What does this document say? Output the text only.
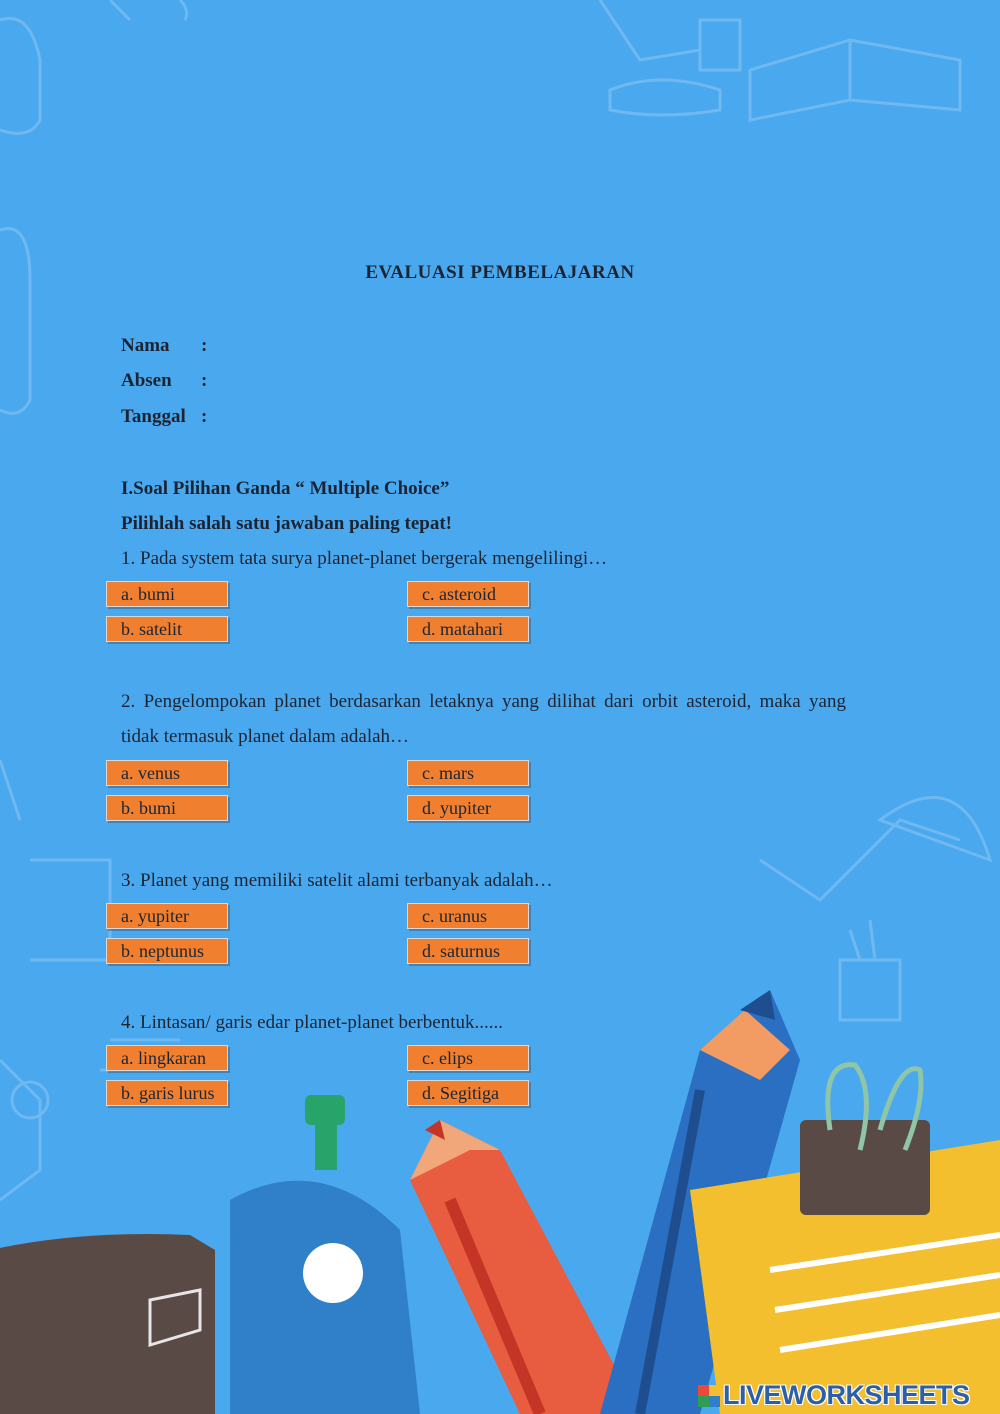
EVALUASI PEMBELAJARAN
Nama :
Absen :
Tanggal :
I.Soal Pilihan Ganda “ Multiple Choice”
Pilihlah salah satu jawaban paling tepat!
1. Pada system tata surya planet-planet bergerak mengelilingi…
a. bumi	c. asteroid
b. satelit	d. matahari
2. Pengelompokan planet berdasarkan letaknya yang dilihat dari orbit asteroid, maka yang tidak termasuk planet dalam adalah…
a. venus	c. mars
b. bumi	d. yupiter
3. Planet yang memiliki satelit alami terbanyak adalah…
a. yupiter	c. uranus
b. neptunus	d. saturnus
4. Lintasan/ garis edar planet-planet berbentuk......
a. lingkaran	c. elips
b. garis lurus	d. Segitiga
LIVEWORKSHEETS
